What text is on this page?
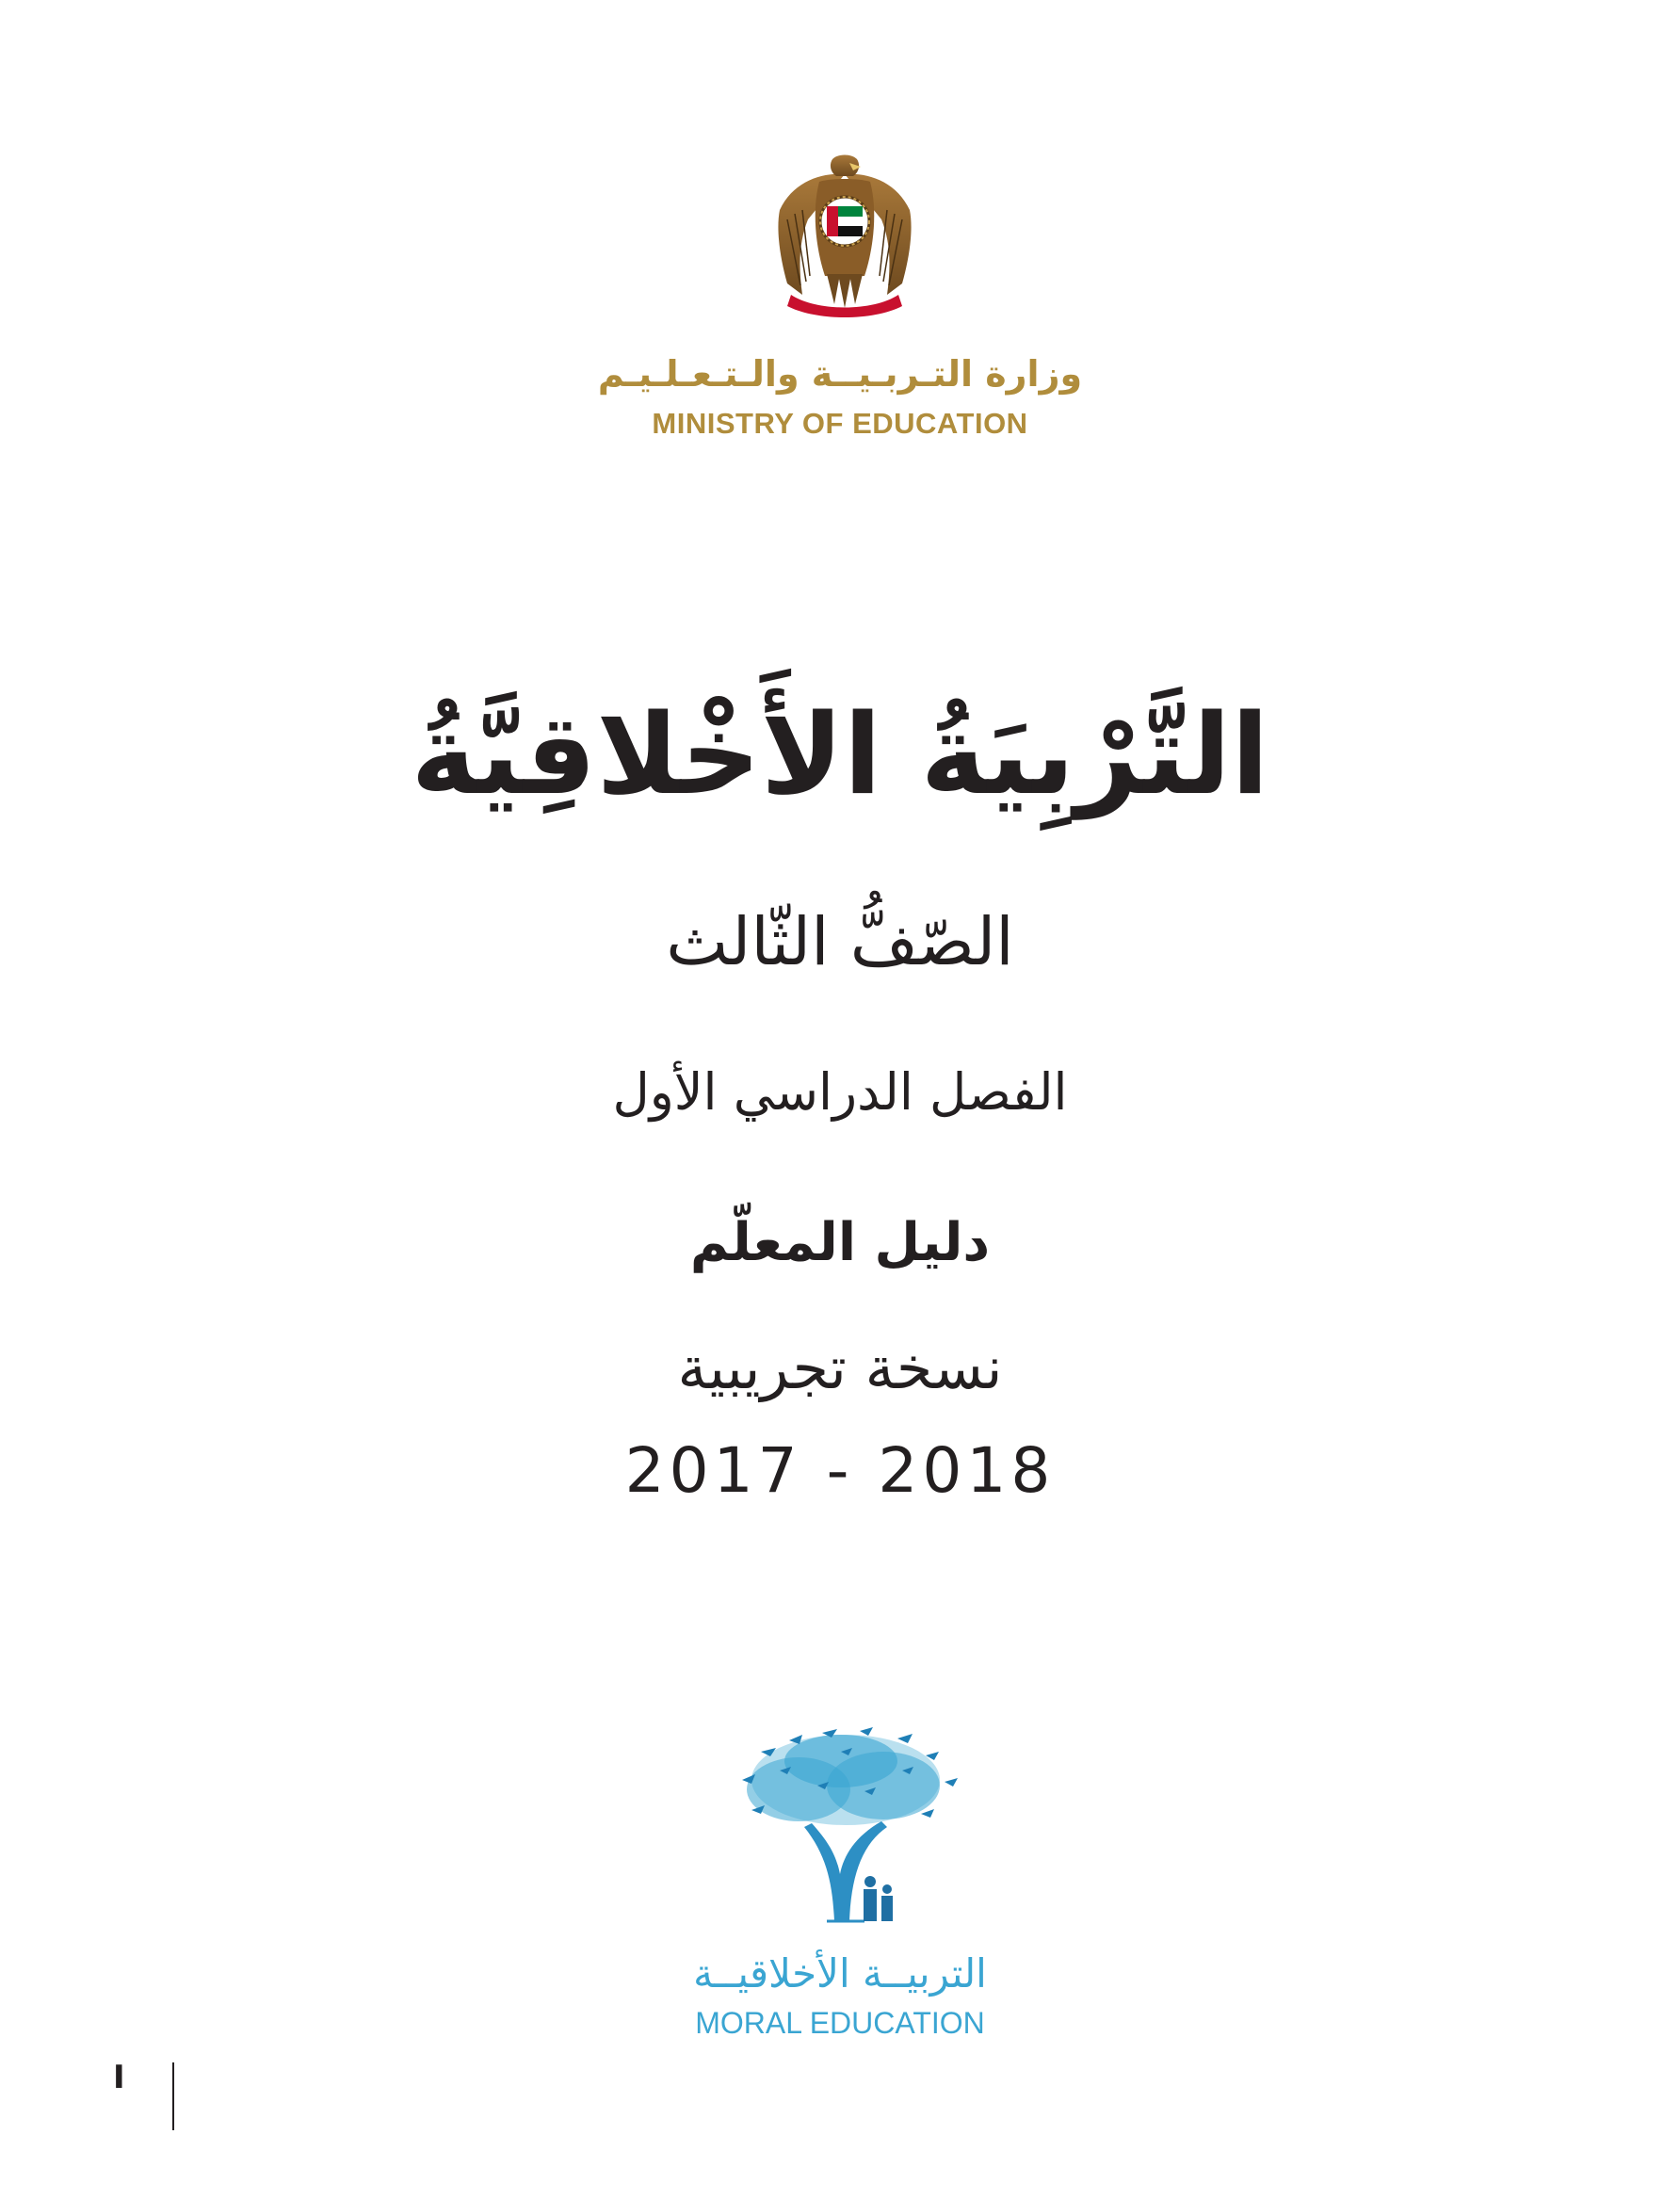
وزارة التـربـيــة والـتـعـلـيـم
MINISTRY OF EDUCATION
التَّرْبِيَةُ الأَخْلاقِيَّةُ
الصّفُّ الثّالث
الفصل الدراسي الأول
دليل المعلّم
نسخة تجريبية
2017 - 2018
التربيــة الأخلاقيــة
MORAL EDUCATION
I
